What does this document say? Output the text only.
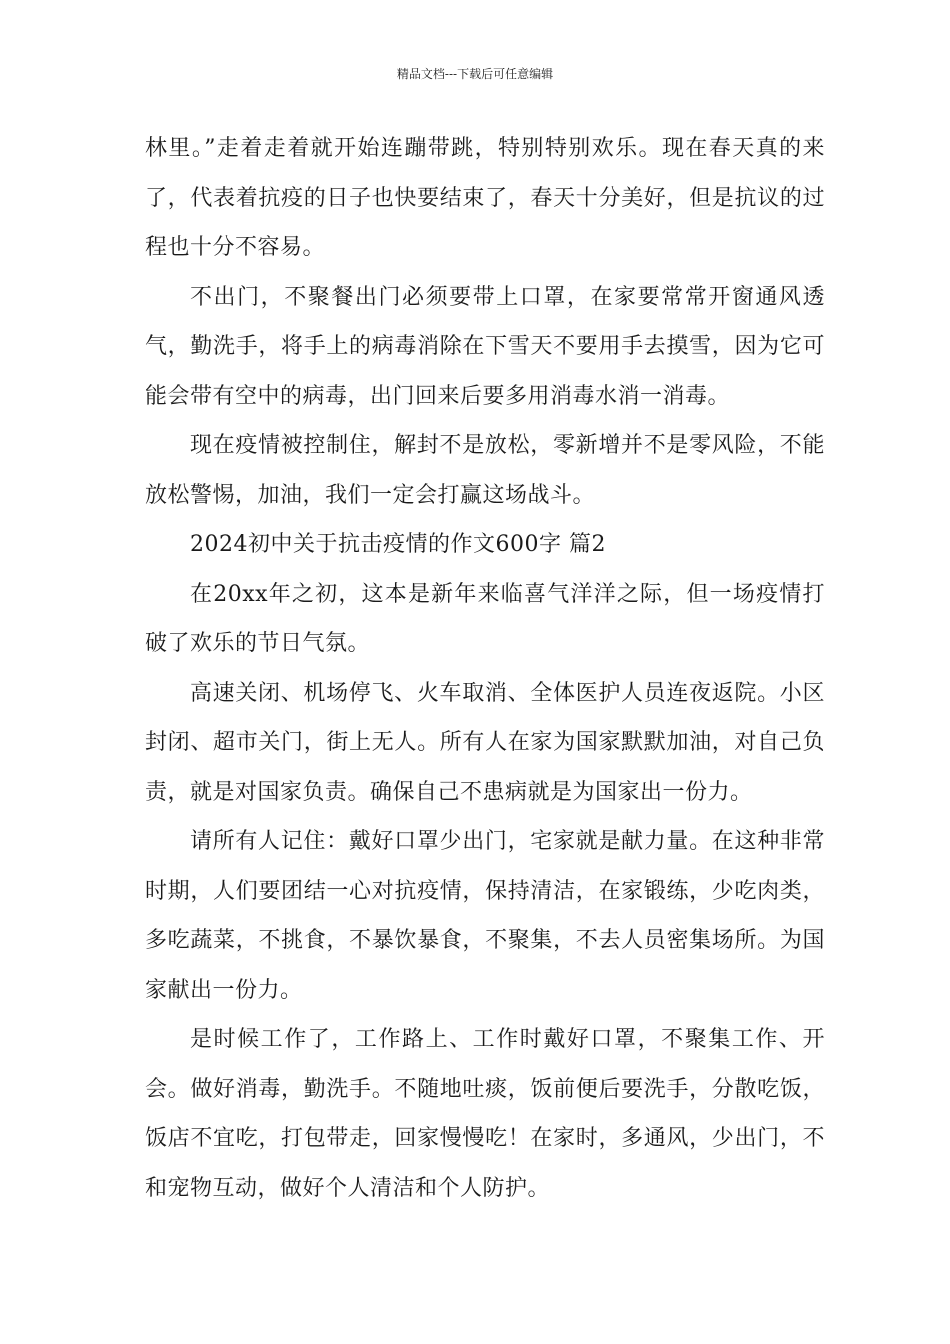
精品文档---下载后可任意编辑

林里。”走着走着就开始连蹦带跳，特别特别欢乐。现在春天真的来了，代表着抗疫的日子也快要结束了，春天十分美好，但是抗议的过程也十分不容易。

不出门，不聚餐出门必须要带上口罩，在家要常常开窗通风透气，勤洗手，将手上的病毒消除在下雪天不要用手去摸雪，因为它可能会带有空中的病毒，出门回来后要多用消毒水消一消毒。

现在疫情被控制住，解封不是放松，零新增并不是零风险，不能放松警惕，加油，我们一定会打赢这场战斗。

2024初中关于抗击疫情的作文600字 篇2

在20xx年之初，这本是新年来临喜气洋洋之际，但一场疫情打破了欢乐的节日气氛。

高速关闭、机场停飞、火车取消、全体医护人员连夜返院。小区封闭、超市关门，街上无人。所有人在家为国家默默加油，对自己负责，就是对国家负责。确保自己不患病就是为国家出一份力。

请所有人记住：戴好口罩少出门，宅家就是献力量。在这种非常时期，人们要团结一心对抗疫情，保持清洁，在家锻练，少吃肉类，多吃蔬菜，不挑食，不暴饮暴食，不聚集，不去人员密集场所。为国家献出一份力。

是时候工作了，工作路上、工作时戴好口罩，不聚集工作、开会。做好消毒，勤洗手。不随地吐痰，饭前便后要洗手，分散吃饭，饭店不宜吃，打包带走，回家慢慢吃！在家时，多通风，少出门，不和宠物互动，做好个人清洁和个人防护。
